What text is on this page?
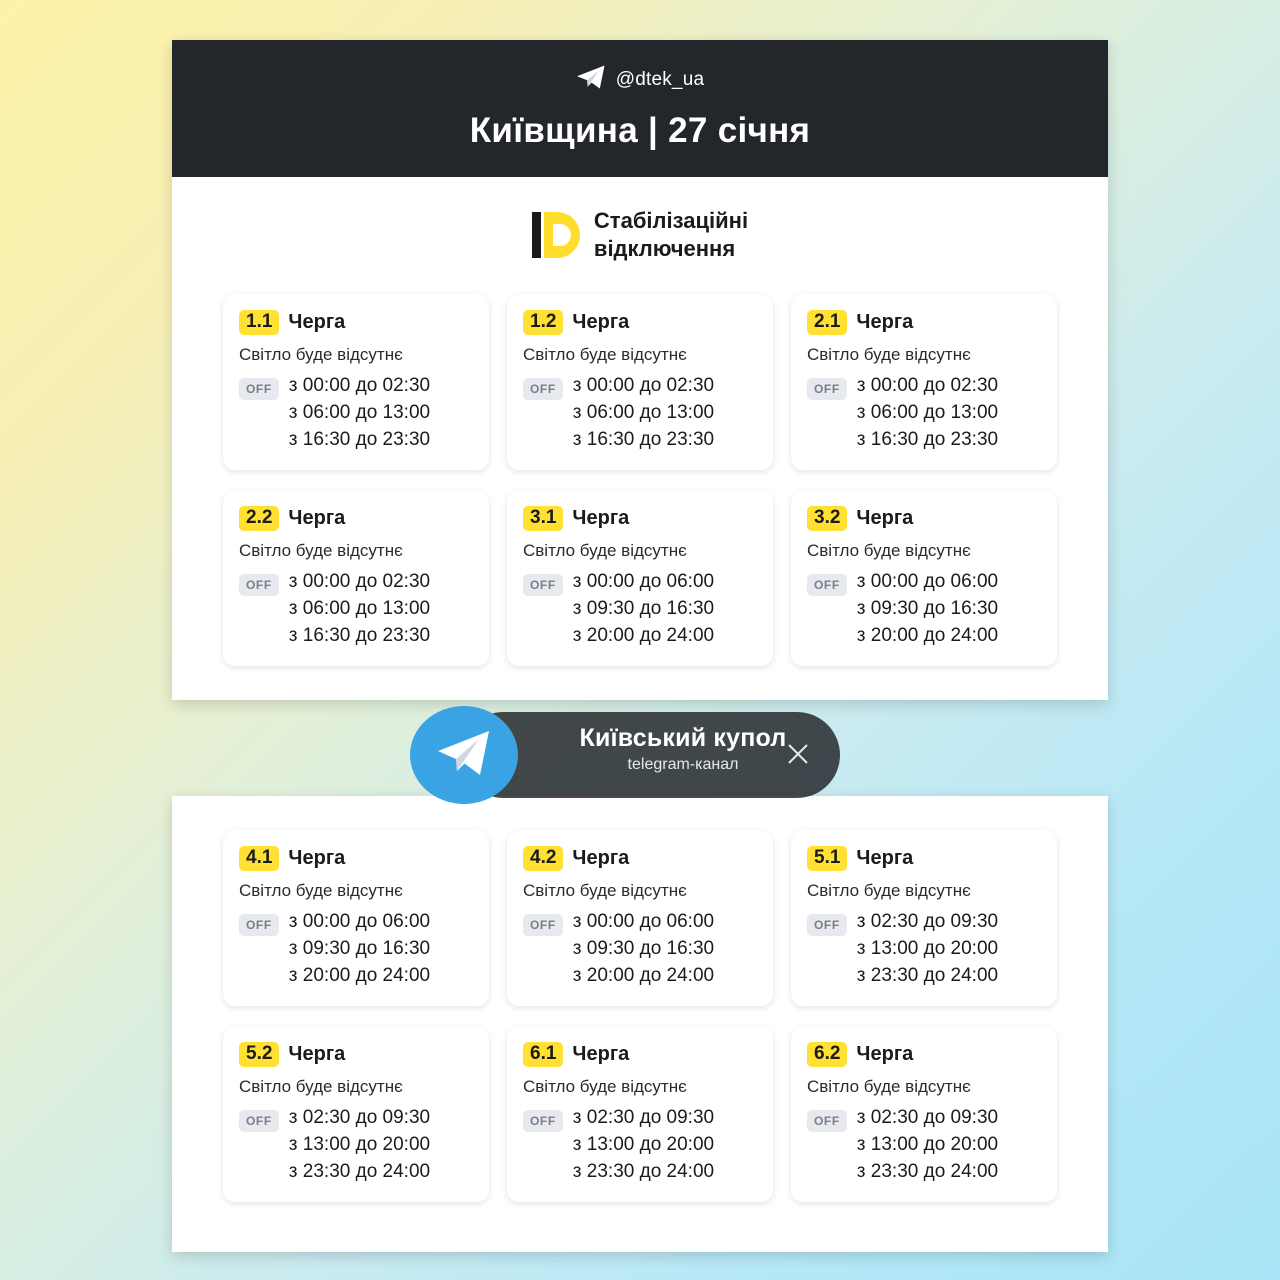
@dtek_ua
Київщина | 27 січня
Стабілізаційні
відключення
1.1 Черга
Світло буде відсутнє
OFF з 00:00 до 02:30
з 06:00 до 13:00
з 16:30 до 23:30
1.2 Черга
Світло буде відсутнє
OFF з 00:00 до 02:30
з 06:00 до 13:00
з 16:30 до 23:30
2.1 Черга
Світло буде відсутнє
OFF з 00:00 до 02:30
з 06:00 до 13:00
з 16:30 до 23:30
2.2 Черга
Світло буде відсутнє
OFF з 00:00 до 02:30
з 06:00 до 13:00
з 16:30 до 23:30
3.1 Черга
Світло буде відсутнє
OFF з 00:00 до 06:00
з 09:30 до 16:30
з 20:00 до 24:00
3.2 Черга
Світло буде відсутнє
OFF з 00:00 до 06:00
з 09:30 до 16:30
з 20:00 до 24:00
4.1 Черга
Світло буде відсутнє
OFF з 00:00 до 06:00
з 09:30 до 16:30
з 20:00 до 24:00
4.2 Черга
Світло буде відсутнє
OFF з 00:00 до 06:00
з 09:30 до 16:30
з 20:00 до 24:00
5.1 Черга
Світло буде відсутнє
OFF з 02:30 до 09:30
з 13:00 до 20:00
з 23:30 до 24:00
5.2 Черга
Світло буде відсутнє
OFF з 02:30 до 09:30
з 13:00 до 20:00
з 23:30 до 24:00
6.1 Черга
Світло буде відсутнє
OFF з 02:30 до 09:30
з 13:00 до 20:00
з 23:30 до 24:00
6.2 Черга
Світло буде відсутнє
OFF з 02:30 до 09:30
з 13:00 до 20:00
з 23:30 до 24:00
Київський купол
telegram-канал
